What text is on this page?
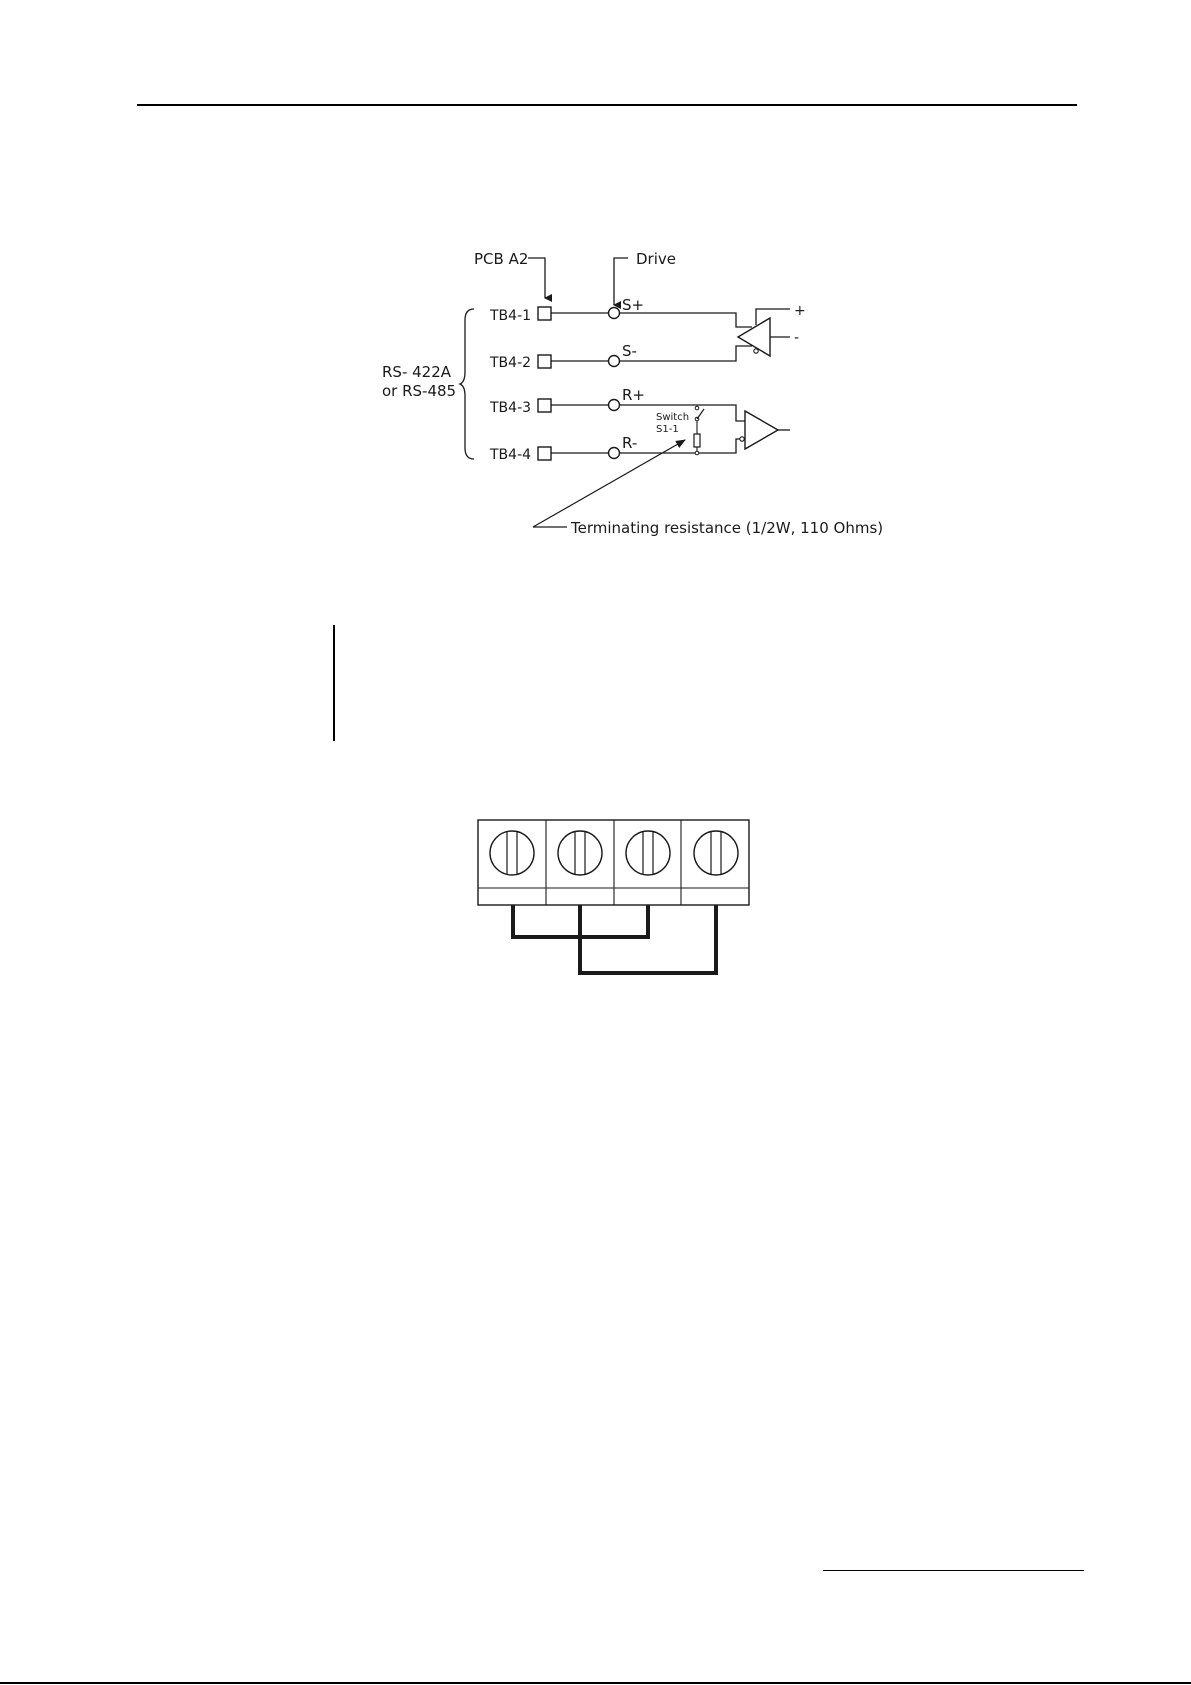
PCB A2	Drive
RS- 422A
or RS-485
TB4-1
TB4-2
TB4-3
TB4-4
S+
S-
R+
R-
+
-
Switch
S1-1
Terminating resistance (1/2W, 110 Ohms)
